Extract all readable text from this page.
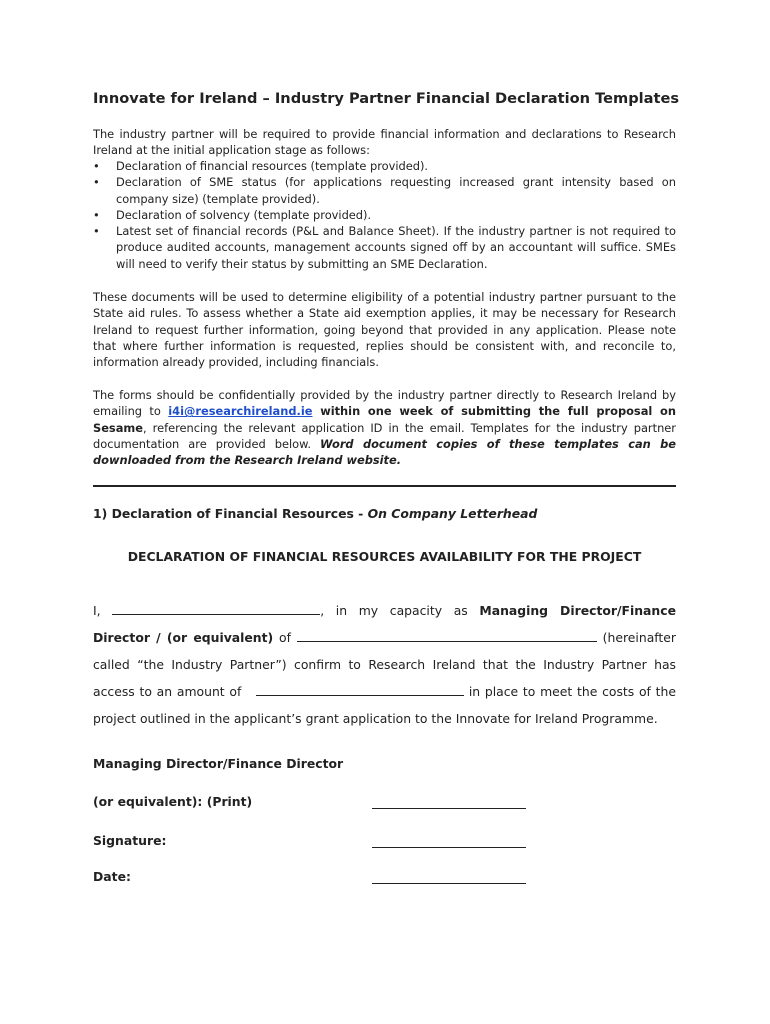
Innovate for Ireland – Industry Partner Financial Declaration Templates
The industry partner will be required to provide financial information and declarations to Research Ireland at the initial application stage as follows:
• Declaration of financial resources (template provided).
• Declaration of SME status (for applications requesting increased grant intensity based on company size) (template provided).
• Declaration of solvency (template provided).
• Latest set of financial records (P&L and Balance Sheet). If the industry partner is not required to produce audited accounts, management accounts signed off by an accountant will suffice. SMEs will need to verify their status by submitting an SME Declaration.
These documents will be used to determine eligibility of a potential industry partner pursuant to the State aid rules. To assess whether a State aid exemption applies, it may be necessary for Research Ireland to request further information, going beyond that provided in any application. Please note that where further information is requested, replies should be consistent with, and reconcile to, information already provided, including financials.
The forms should be confidentially provided by the industry partner directly to Research Ireland by emailing to i4i@researchireland.ie within one week of submitting the full proposal on Sesame, referencing the relevant application ID in the email. Templates for the industry partner documentation are provided below. Word document copies of these templates can be downloaded from the Research Ireland website.
1) Declaration of Financial Resources - On Company Letterhead
DECLARATION OF FINANCIAL RESOURCES AVAILABILITY FOR THE PROJECT
I,	, in my capacity as Managing Director/Finance Director / (or equivalent) of	(hereinafter called “the Industry Partner”) confirm to Research Ireland that the Industry Partner has access to an amount of	in place to meet the costs of the project outlined in the applicant’s grant application to the Innovate for Ireland Programme.
Managing Director/Finance Director
(or equivalent): (Print)
Signature:
Date:
